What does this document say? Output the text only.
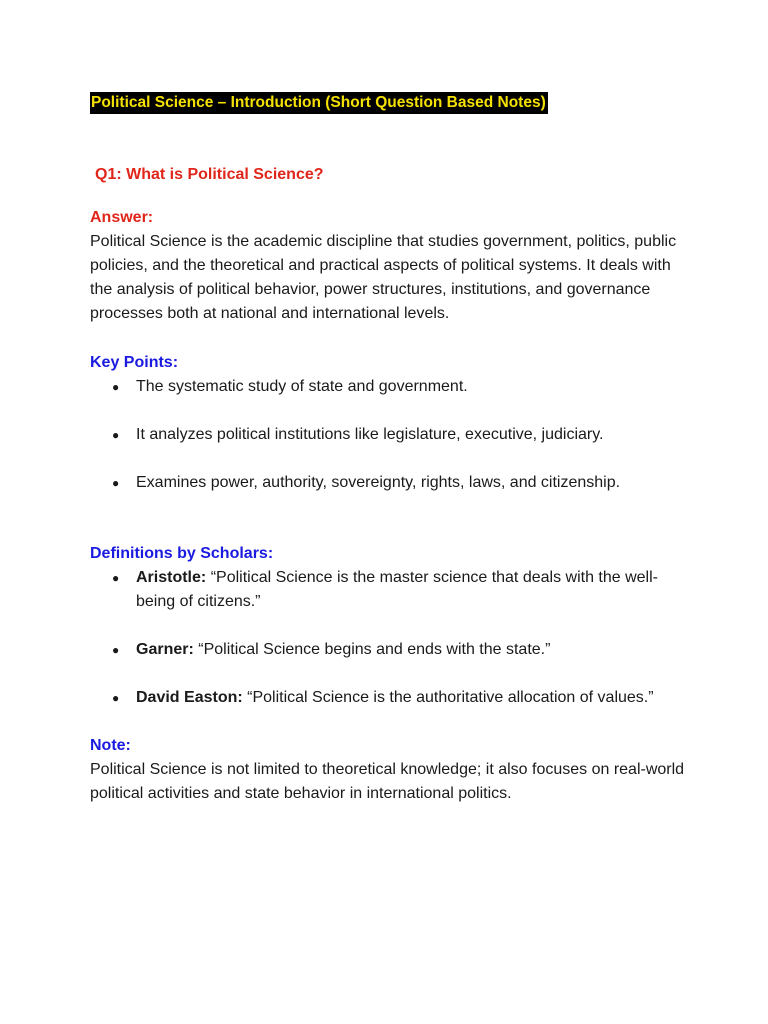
Political Science – Introduction (Short Question Based Notes)
Q1: What is Political Science?
Answer:

Political Science is the academic discipline that studies government, politics, public policies, and the theoretical and practical aspects of political systems. It deals with the analysis of political behavior, power structures, institutions, and governance processes both at national and international levels.

Key Points:
● The systematic study of state and government.
● It analyzes political institutions like legislature, executive, judiciary.
● Examines power, authority, sovereignty, rights, laws, and citizenship.
Definitions by Scholars:
● Aristotle: “Political Science is the master science that deals with the well-being of citizens.”
● Garner: “Political Science begins and ends with the state.”
● David Easton: “Political Science is the authoritative allocation of values.”
Note:

Political Science is not limited to theoretical knowledge; it also focuses on real-world political activities and state behavior in international politics.
